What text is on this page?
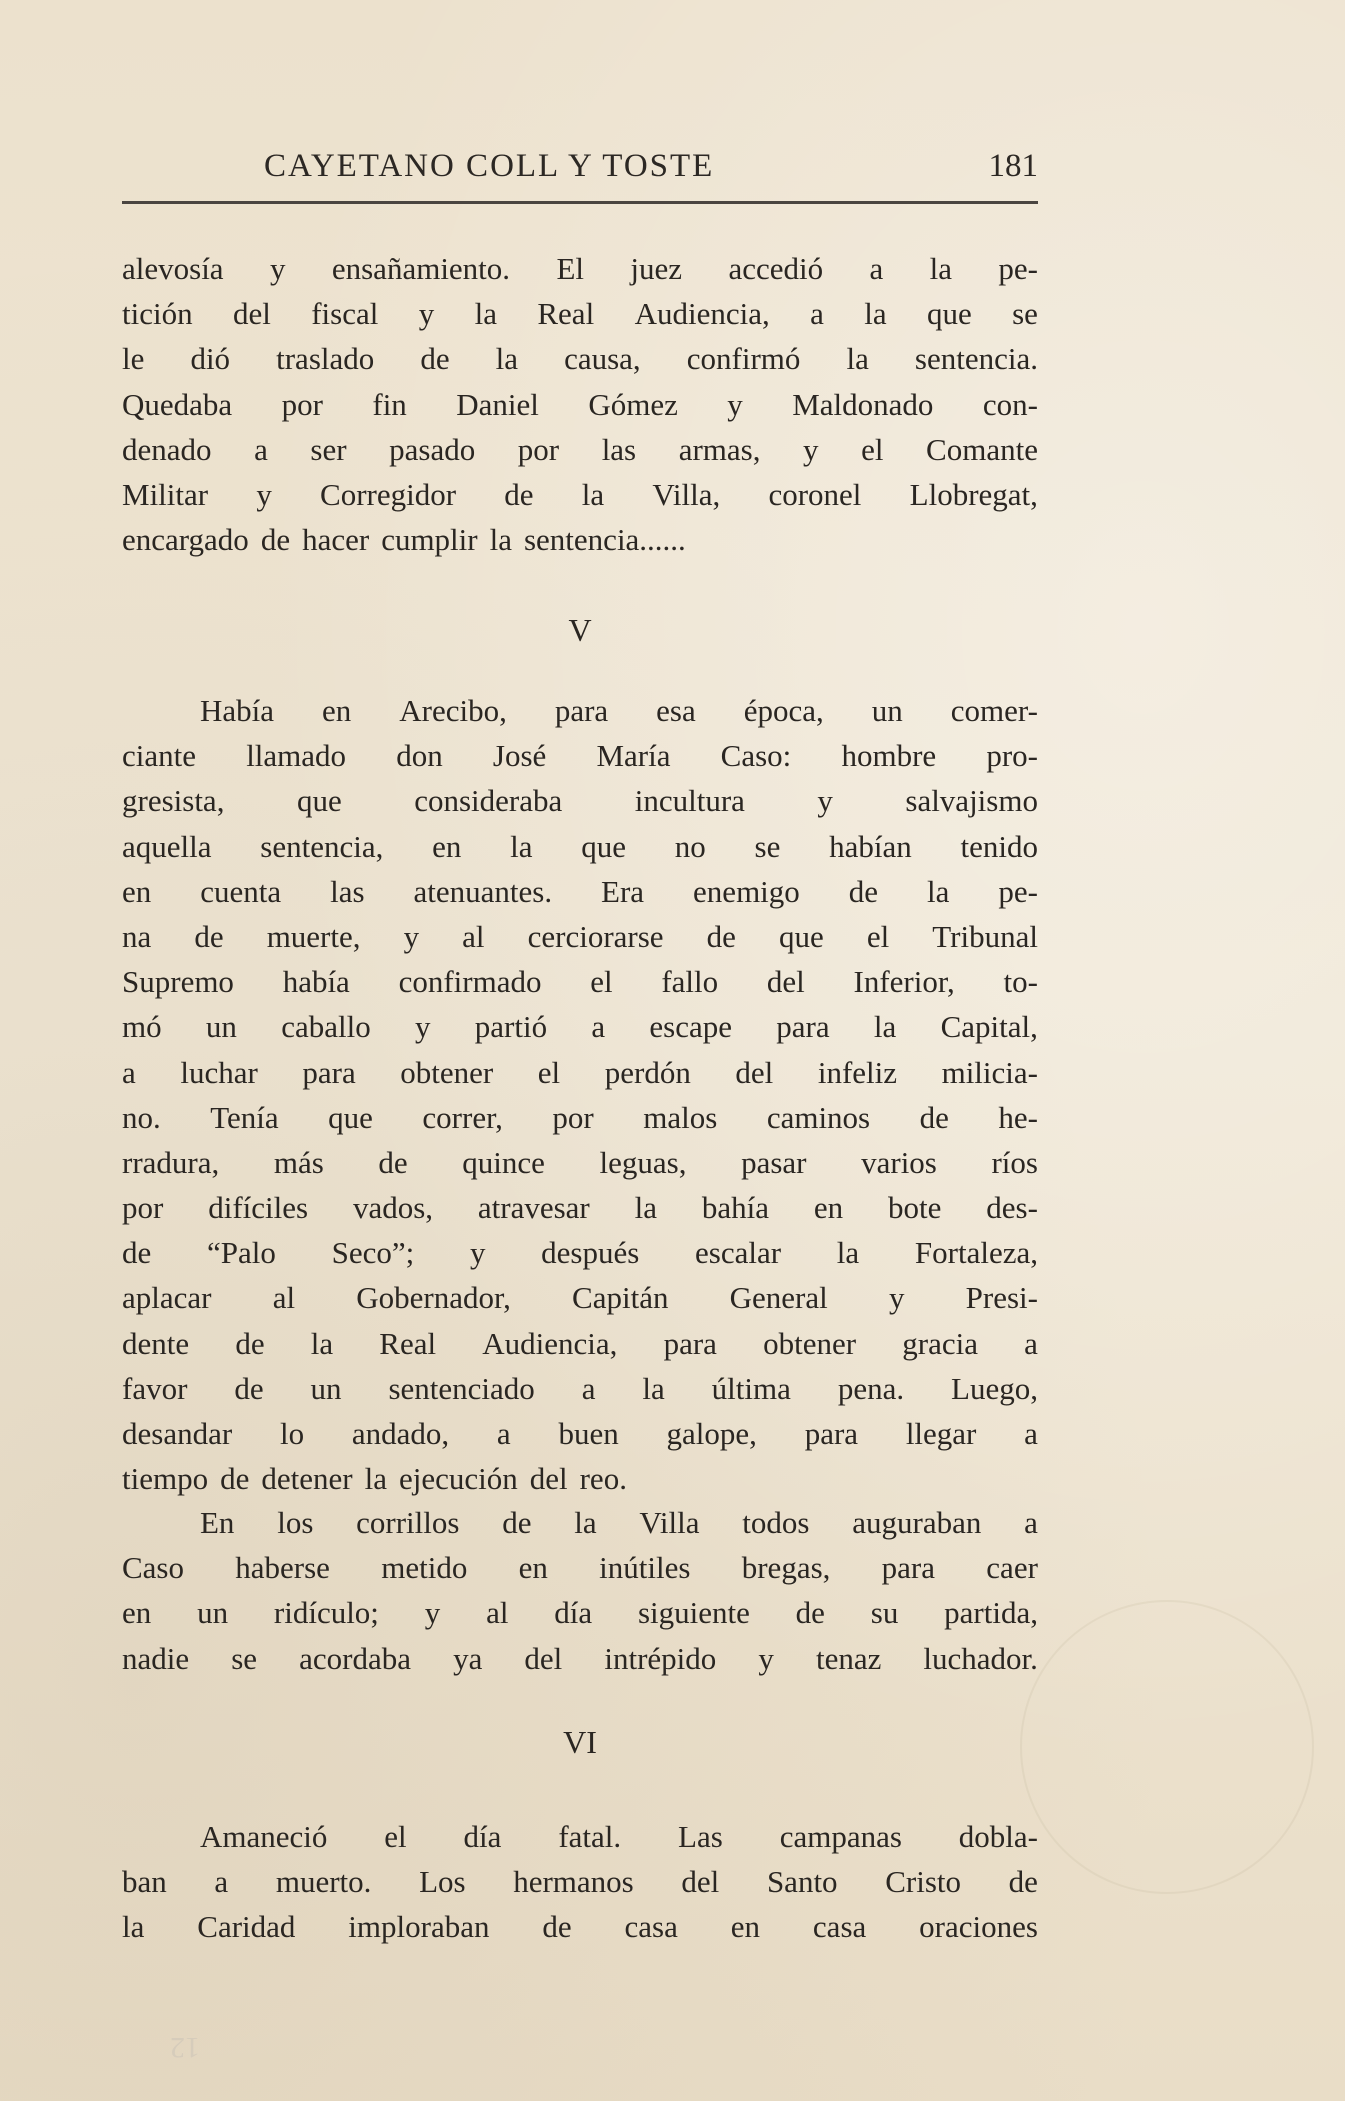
CAYETANO COLL Y TOSTE	181
alevosía y ensañamiento. El juez accedió a la pe-
tición del fiscal y la Real Audiencia, a la que se
le dió traslado de la causa, confirmó la sentencia.
Quedaba por fin Daniel Gómez y Maldonado con-
denado a ser pasado por las armas, y el Comante
Militar y Corregidor de la Villa, coronel Llobregat,
encargado de hacer cumplir la sentencia......
V
Había en Arecibo, para esa época, un comer-
ciante llamado don José María Caso: hombre pro-
gresista, que consideraba incultura y salvajismo
aquella sentencia, en la que no se habían tenido
en cuenta las atenuantes. Era enemigo de la pe-
na de muerte, y al cerciorarse de que el Tribunal
Supremo había confirmado el fallo del Inferior, to-
mó un caballo y partió a escape para la Capital,
a luchar para obtener el perdón del infeliz milicia-
no. Tenía que correr, por malos caminos de he-
rradura, más de quince leguas, pasar varios ríos
por difíciles vados, atravesar la bahía en bote des-
de “Palo Seco”; y después escalar la Fortaleza,
aplacar al Gobernador, Capitán General y Presi-
dente de la Real Audiencia, para obtener gracia a
favor de un sentenciado a la última pena. Luego,
desandar lo andado, a buen galope, para llegar a
tiempo de detener la ejecución del reo.
En los corrillos de la Villa todos auguraban a
Caso haberse metido en inútiles bregas, para caer
en un ridículo; y al día siguiente de su partida,
nadie se acordaba ya del intrépido y tenaz luchador.
VI
Amaneció el día fatal. Las campanas dobla-
ban a muerto. Los hermanos del Santo Cristo de
la Caridad imploraban de casa en casa oraciones
12
